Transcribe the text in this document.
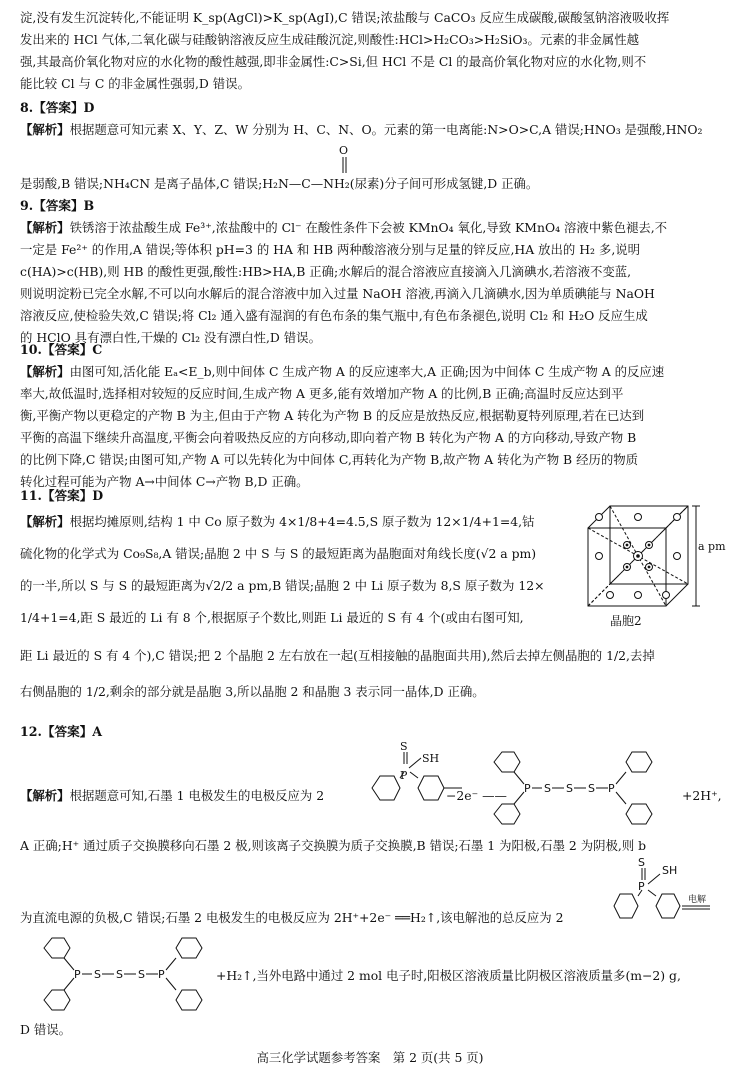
淀,没有发生沉淀转化,不能证明 K_sp(AgCl)>K_sp(AgI),C 错误;浓盐酸与 CaCO₃ 反应生成碳酸,碳酸氢钠溶液吸收挥
发出来的 HCl 气体,二氧化碳与硅酸钠溶液反应生成硅酸沉淀,则酸性:HCl>H₂CO₃>H₂SiO₃。元素的非金属性越
强,其最高价氧化物对应的水化物的酸性越强,即非金属性:C>Si,但 HCl 不是 Cl 的最高价氧化物对应的水化物,则不
能比较 Cl 与 C 的非金属性强弱,D 错误。
8.【答案】D
【解析】根据题意可知元素 X、Y、Z、W 分别为 H、C、N、O。元素的第一电离能:N>O>C,A 错误;HNO₃ 是强酸,HNO₂
O
是弱酸,B 错误;NH₄CN 是离子晶体,C 错误;H₂N—C—NH₂(尿素)分子间可形成氢键,D 正确。
9.【答案】B
【解析】铁锈溶于浓盐酸生成 Fe³⁺,浓盐酸中的 Cl⁻ 在酸性条件下会被 KMnO₄ 氧化,导致 KMnO₄ 溶液中紫色褪去,不
一定是 Fe²⁺ 的作用,A 错误;等体积 pH=3 的 HA 和 HB 两种酸溶液分别与足量的锌反应,HA 放出的 H₂ 多,说明
c(HA)>c(HB),则 HB 的酸性更强,酸性:HB>HA,B 正确;水解后的混合溶液应直接滴入几滴碘水,若溶液不变蓝,
则说明淀粉已完全水解,不可以向水解后的混合溶液中加入过量 NaOH 溶液,再滴入几滴碘水,因为单质碘能与 NaOH
溶液反应,使检验失效,C 错误;将 Cl₂ 通入盛有湿润的有色布条的集气瓶中,有色布条褪色,说明 Cl₂ 和 H₂O 反应生成
的 HClO 具有漂白性,干燥的 Cl₂ 没有漂白性,D 错误。
10.【答案】C
【解析】由图可知,活化能 Eₐ<E_b,则中间体 C 生成产物 A 的反应速率大,A 正确;因为中间体 C 生成产物 A 的反应速
率大,故低温时,选择相对较短的反应时间,生成产物 A 更多,能有效增加产物 A 的比例,B 正确;高温时反应达到平
衡,平衡产物以更稳定的产物 B 为主,但由于产物 A 转化为产物 B 的反应是放热反应,根据勒夏特列原理,若在已达到
平衡的高温下继续升高温度,平衡会向着吸热反应的方向移动,即向着产物 B 转化为产物 A 的方向移动,导致产物 B
的比例下降,C 错误;由图可知,产物 A 可以先转化为中间体 C,再转化为产物 B,故产物 A 转化为产物 B 经历的物质
转化过程可能为产物 A→中间体 C→产物 B,D 正确。
11.【答案】D
【解析】根据均摊原则,结构 1 中 Co 原子数为 4×1/8+4=4.5,S 原子数为 12×1/4+1=4,钴
硫化物的化学式为 Co₉S₈,A 错误;晶胞 2 中 S 与 S 的最短距离为晶胞面对角线长度(√2 a pm)
的一半,所以 S 与 S 的最短距离为√2/2 a pm,B 错误;晶胞 2 中 Li 原子数为 8,S 原子数为 12×
1/4+1=4,距 S 最近的 Li 有 8 个,根据原子个数比,则距 Li 最近的 S 有 4 个(或由右图可知,
距 Li 最近的 S 有 4 个),C 错误;把 2 个晶胞 2 左右放在一起(互相接触的晶胞面共用),然后去掉左侧晶胞的 1/2,去掉
右侧晶胞的 1/2,剩余的部分就是晶胞 3,所以晶胞 2 和晶胞 3 表示同一晶体,D 正确。
a pm
晶胞2
12.【答案】A
S
SH
P
【解析】根据题意可知,石墨 1 电极发生的电极反应为 2	−2e⁻ ——	P S S S P	+2H⁺,
A 正确;H⁺ 通过质子交换膜移向石墨 2 极,则该离子交换膜为质子交换膜,B 错误;石墨 1 为阳极,石墨 2 为阴极,则 b
S
SH
P
电解
为直流电源的负极,C 错误;石墨 2 电极发生的电极反应为 2H⁺+2e⁻ ══H₂↑,该电解池的总反应为 2
P S S S P	+H₂↑,当外电路中通过 2 mol 电子时,阳极区溶液质量比阴极区溶液质量多(m−2) g,
D 错误。
高三化学试题参考答案　第 2 页(共 5 页)
